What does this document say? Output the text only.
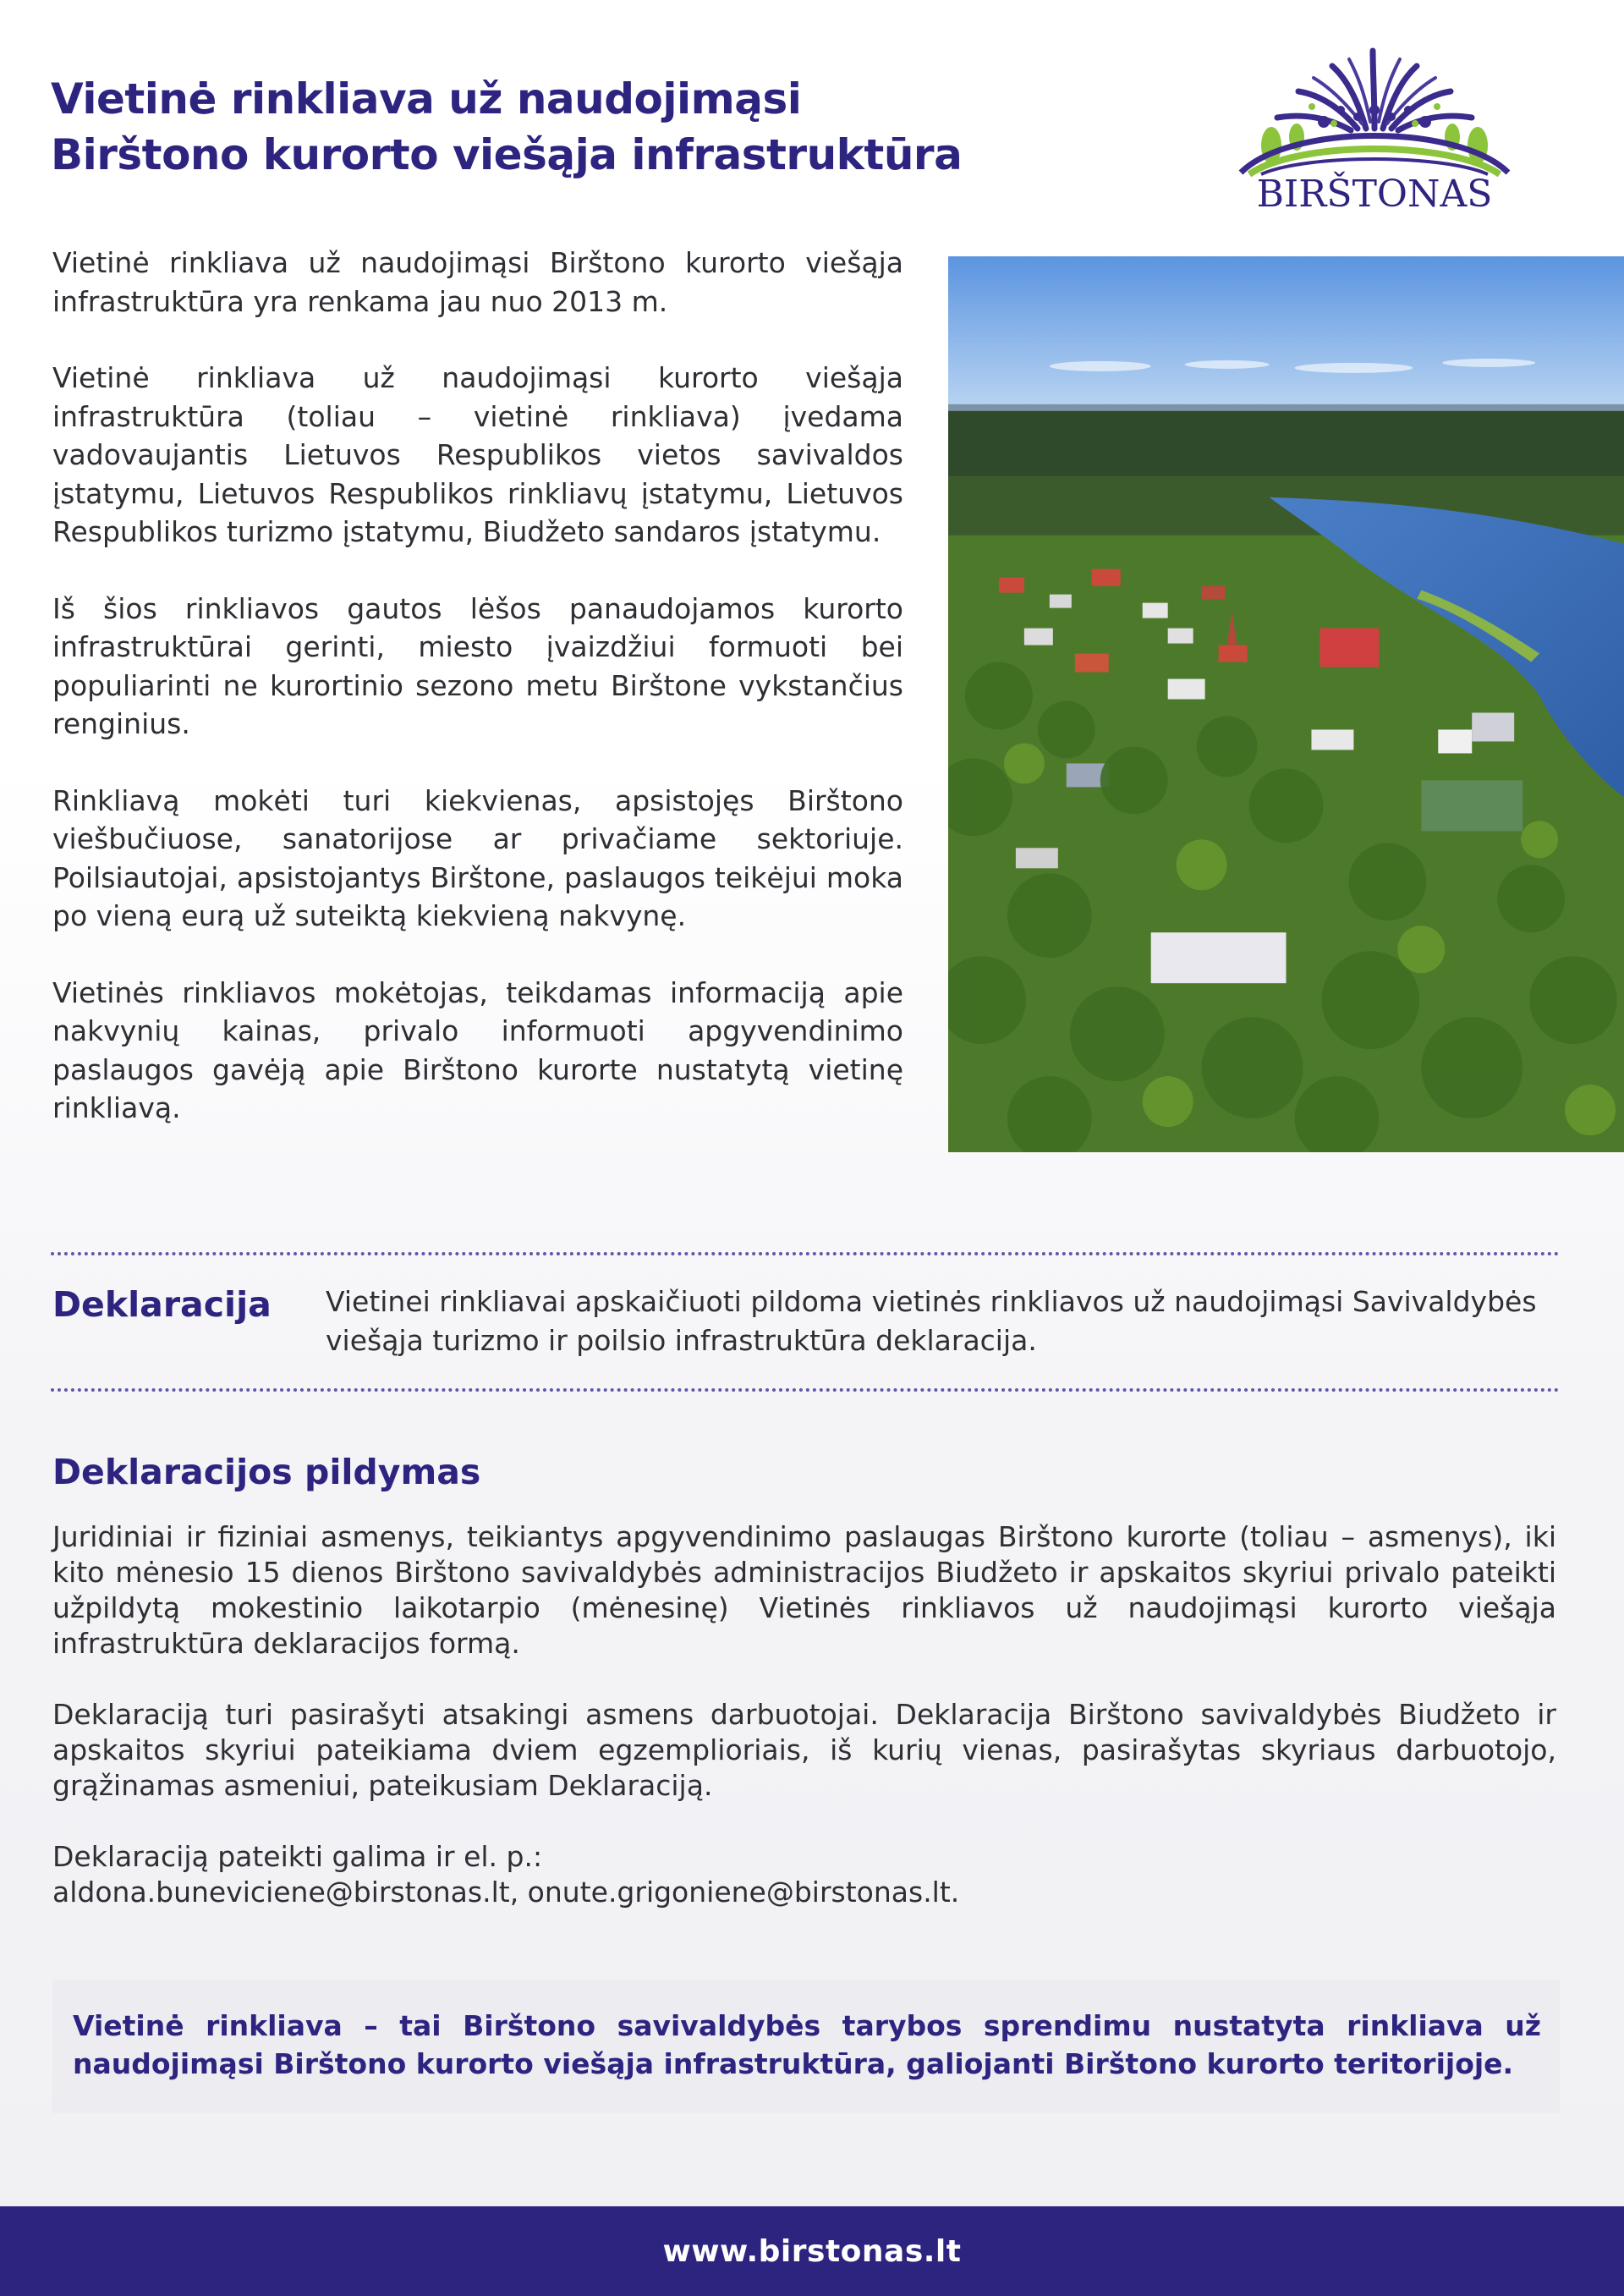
Vietinė rinkliava už naudojimąsi
Birštono kurorto viešąja infrastruktūra
BIRŠTONAS

Vietinė rinkliava už naudojimąsi Birštono kurorto viešąja infrastruktūra yra renkama jau nuo 2013 m.

Vietinė rinkliava už naudojimąsi kurorto viešąja infrastruktūra (toliau – vietinė rinkliava) įvedama vadovaujantis Lietuvos Respublikos vietos savivaldos įstatymu, Lietuvos Respublikos rinkliavų įstatymu, Lietuvos Respublikos turizmo įstatymu, Biudžeto sandaros įstatymu.

Iš šios rinkliavos gautos lėšos panaudojamos kurorto infrastruktūrai gerinti, miesto įvaizdžiui formuoti bei populiarinti ne kurortinio sezono metu Birštone vykstančius renginius.

Rinkliavą mokėti turi kiekvienas, apsistojęs Birštono viešbučiuose, sanatorijose ar privačiame sektoriuje. Poilsiautojai, apsistojantys Birštone, paslaugos teikėjui moka po vieną eurą už suteiktą kiekvieną nakvynę.

Vietinės rinkliavos mokėtojas, teikdamas informaciją apie nakvynių kainas, privalo informuoti apgyvendinimo paslaugos gavėją apie Birštono kurorte nustatytą vietinę rinkliavą.

Deklaracija Vietinei rinkliavai apskaičiuoti pildoma vietinės rinkliavos už naudojimąsi Savivaldybės viešąja turizmo ir poilsio infrastruktūra deklaracija.

Deklaracijos pildymas

Juridiniai ir fiziniai asmenys, teikiantys apgyvendinimo paslaugas Birštono kurorte (toliau – asmenys), iki kito mėnesio 15 dienos Birštono savivaldybės administracijos Biudžeto ir apskaitos skyriui privalo pateikti užpildytą mokestinio laikotarpio (mėnesinę) Vietinės rinkliavos už naudojimąsi kurorto viešąja infrastruktūra deklaracijos formą.

Deklaraciją turi pasirašyti atsakingi asmens darbuotojai. Deklaracija Birštono savivaldybės Biudžeto ir apskaitos skyriui pateikiama dviem egzemplioriais, iš kurių vienas, pasirašytas skyriaus darbuotojo, grąžinamas asmeniui, pateikusiam Deklaraciją.

Deklaraciją pateikti galima ir el. p.:
aldona.buneviciene@birstonas.lt, onute.grigoniene@birstonas.lt.

Vietinė rinkliava – tai Birštono savivaldybės tarybos sprendimu nustatyta rinkliava už naudojimąsi Birštono kurorto viešąja infrastruktūra, galiojanti Birštono kurorto teritorijoje.

www.birstonas.lt
